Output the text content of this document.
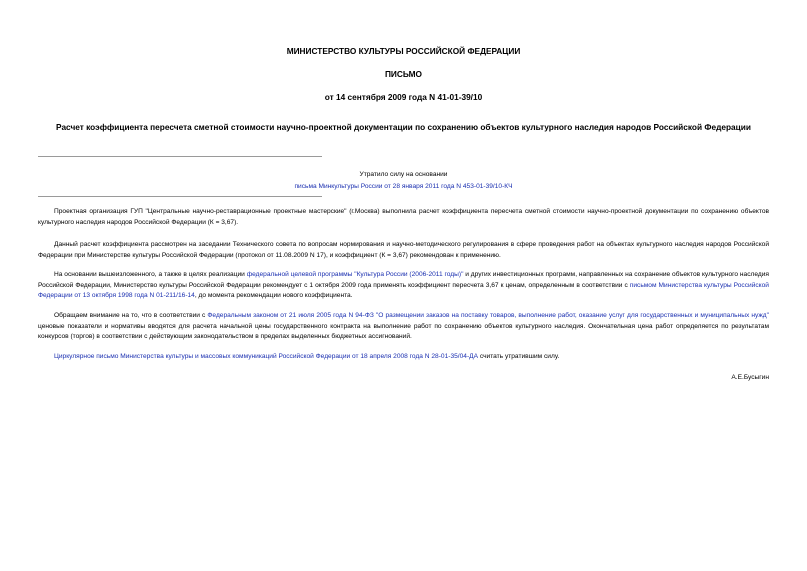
МИНИСТЕРСТВО КУЛЬТУРЫ РОССИЙСКОЙ ФЕДЕРАЦИИ

ПИСЬМО

от 14 сентября 2009 года N 41-01-39/10

Расчет коэффициента пересчета сметной стоимости научно-проектной документации по сохранению объектов культурного наследия народов Российской Федерации

Утратило силу на основании
письма Минкультуры России от 28 января 2011 года N 453-01-39/10-КЧ

Проектная организация ГУП "Центральные научно-реставрационные проектные мастерские" (г.Москва) выполнила расчет коэффициента пересчета сметной стоимости научно-проектной документации по сохранению объектов культурного наследия народов Российской Федерации (К = 3,67).

Данный расчет коэффициента рассмотрен на заседании Технического совета по вопросам нормирования и научно-методического регулирования в сфере проведения работ на объектах культурного наследия народов Российской Федерации при Министерстве культуры Российской Федерации (протокол от 11.08.2009 N 17), и коэффициент (К = 3,67) рекомендован к применению.

На основании вышеизложенного, а также в целях реализации федеральной целевой программы "Культура России (2006-2011 годы)" и других инвестиционных программ, направленных на сохранение объектов культурного наследия Российской Федерации, Министерство культуры Российской Федерации рекомендует с 1 октября 2009 года применять коэффициент пересчета 3,67 к ценам, определенным в соответствии с письмом Министерства культуры Российской Федерации от 13 октября 1998 года N 01-211/16-14, до момента рекомендации нового коэффициента.

Обращаем внимание на то, что в соответствии с Федеральным законом от 21 июля 2005 года N 94-ФЗ "О размещении заказов на поставку товаров, выполнение работ, оказание услуг для государственных и муниципальных нужд" ценовые показатели и нормативы вводятся для расчета начальной цены государственного контракта на выполнение работ по сохранению объектов культурного наследия. Окончательная цена работ определяется по результатам конкурсов (торгов) в соответствии с действующим законодательством в пределах выделенных бюджетных ассигнований.

Циркулярное письмо Министерства культуры и массовых коммуникаций Российской Федерации от 18 апреля 2008 года N 28-01-35/04-ДА считать утратившим силу.

А.Е.Бусыгин
